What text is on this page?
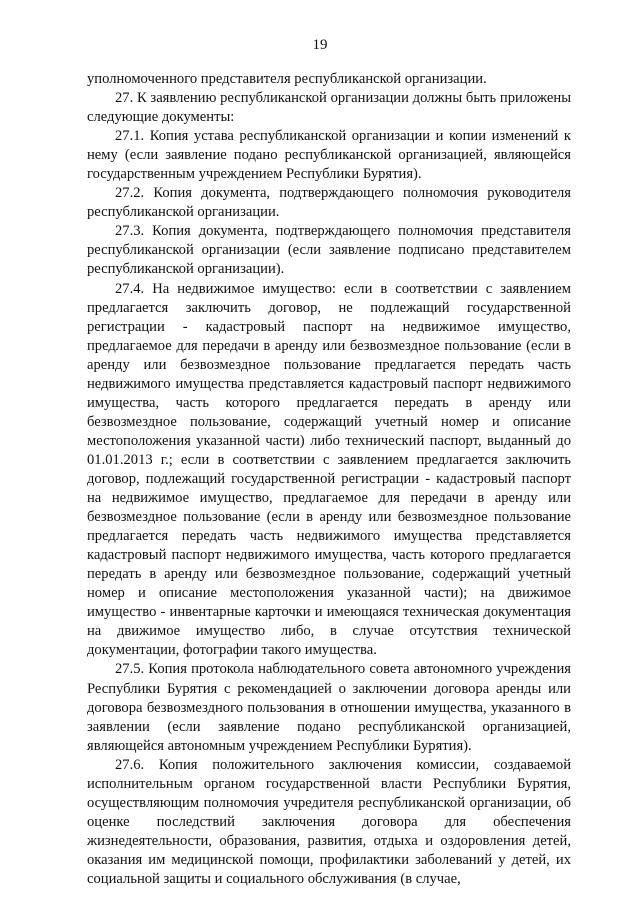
19

уполномоченного представителя республиканской организации.

27. К заявлению республиканской организации должны быть приложены следующие документы:

27.1. Копия устава республиканской организации и копии изменений к нему (если заявление подано республиканской организацией, являющейся государственным учреждением Республики Бурятия).

27.2. Копия документа, подтверждающего полномочия руководителя республиканской организации.

27.3. Копия документа, подтверждающего полномочия представителя республиканской организации (если заявление подписано представителем республиканской организации).

27.4. На недвижимое имущество: если в соответствии с заявлением предлагается заключить договор, не подлежащий государственной регистрации - кадастровый паспорт на недвижимое имущество, предлагаемое для передачи в аренду или безвозмездное пользование (если в аренду или безвозмездное пользование предлагается передать часть недвижимого имущества представляется кадастровый паспорт недвижимого имущества, часть которого предлагается передать в аренду или безвозмездное пользование, содержащий учетный номер и описание местоположения указанной части) либо технический паспорт, выданный до 01.01.2013 г.; если в соответствии с заявлением предлагается заключить договор, подлежащий государственной регистрации - кадастровый паспорт на недвижимое имущество, предлагаемое для передачи в аренду или безвозмездное пользование (если в аренду или безвозмездное пользование предлагается передать часть недвижимого имущества представляется кадастровый паспорт недвижимого имущества, часть которого предлагается передать в аренду или безвозмездное пользование, содержащий учетный номер и описание местоположения указанной части); на движимое имущество - инвентарные карточки и имеющаяся техническая документация на движимое имущество либо, в случае отсутствия технической документации, фотографии такого имущества.

27.5. Копия протокола наблюдательного совета автономного учреждения Республики Бурятия с рекомендацией о заключении договора аренды или договора безвозмездного пользования в отношении имущества, указанного в заявлении (если заявление подано республиканской организацией, являющейся автономным учреждением Республики Бурятия).

27.6. Копия положительного заключения комиссии, создаваемой исполнительным органом государственной власти Республики Бурятия, осуществляющим полномочия учредителя республиканской организации, об оценке последствий заключения договора для обеспечения жизнедеятельности, образования, развития, отдыха и оздоровления детей, оказания им медицинской помощи, профилактики заболеваний у детей, их социальной защиты и социального обслуживания (в случае,
